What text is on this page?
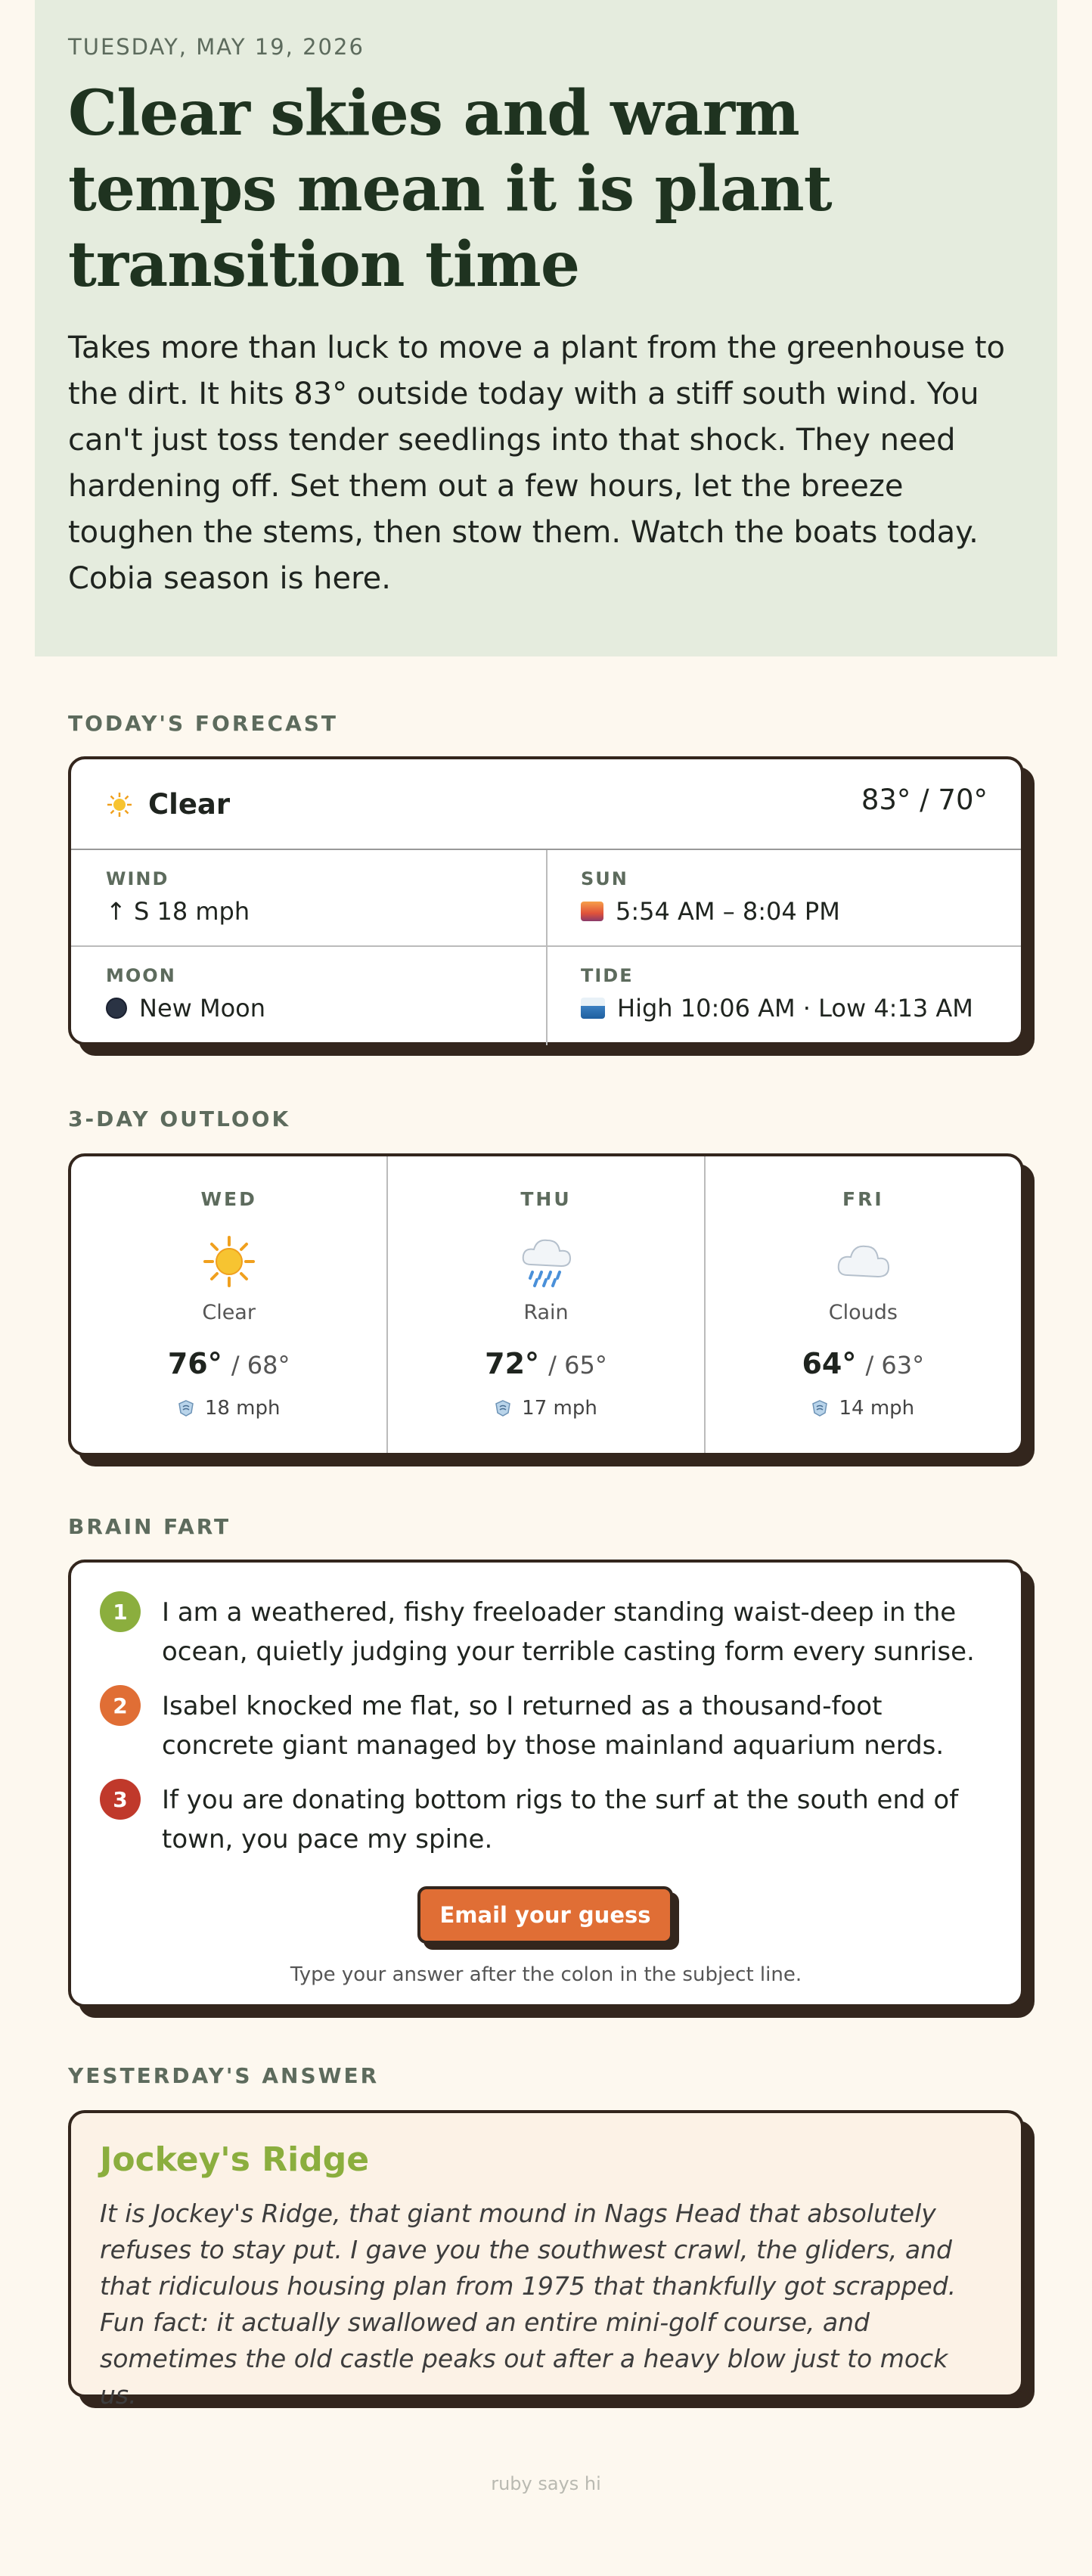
TUESDAY, MAY 19, 2026
Clear skies and warm temps mean it is plant transition time

Takes more than luck to move a plant from the greenhouse to the dirt. It hits 83° outside today with a stiff south wind. You can't just toss tender seedlings into that shock. They need hardening off. Set them out a few hours, let the breeze toughen the stems, then stow them. Watch the boats today. Cobia season is here.

TODAY'S FORECAST
Clear	83° / 70°
WIND
↑ S 18 mph
SUN
5:54 AM – 8:04 PM
MOON
New Moon
TIDE
High 10:06 AM · Low 4:13 AM
3-DAY OUTLOOK
WED
Clear
76° / 68°
18 mph
THU
Rain
72° / 65°
17 mph
FRI
Clouds
64° / 63°
14 mph
BRAIN FART
1	I am a weathered, fishy freeloader standing waist-deep in the ocean, quietly judging your terrible casting form every sunrise.
2	Isabel knocked me flat, so I returned as a thousand-foot concrete giant managed by those mainland aquarium nerds.
3	If you are donating bottom rigs to the surf at the south end of town, you pace my spine.
Email your guess
Type your answer after the colon in the subject line.
YESTERDAY'S ANSWER
Jockey's Ridge

It is Jockey's Ridge, that giant mound in Nags Head that absolutely refuses to stay put. I gave you the southwest crawl, the gliders, and that ridiculous housing plan from 1975 that thankfully got scrapped. Fun fact: it actually swallowed an entire mini-golf course, and sometimes the old castle peaks out after a heavy blow just to mock us.

ruby says hi
